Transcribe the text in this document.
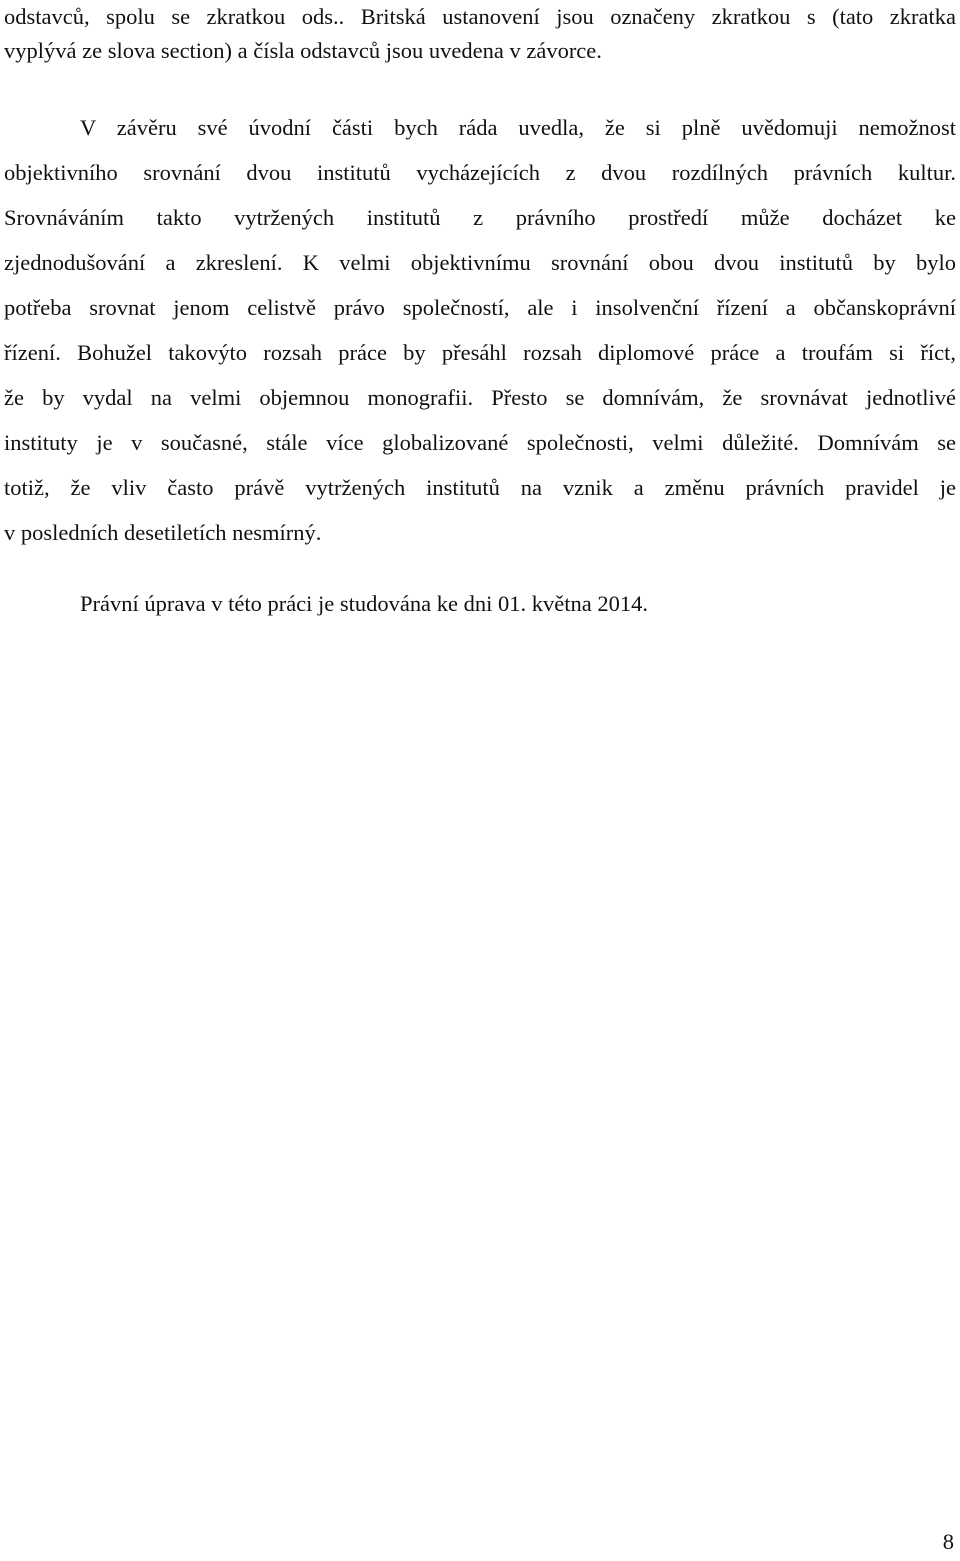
odstavců, spolu se zkratkou ods.. Britská ustanovení jsou označeny zkratkou s (tato zkratka
vyplývá ze slova section) a čísla odstavců jsou uvedena v závorce.
V závěru své úvodní části bych ráda uvedla, že si plně uvědomuji nemožnost
objektivního srovnání dvou institutů vycházejících z dvou rozdílných právních kultur.
Srovnáváním takto vytržených institutů z právního prostředí může docházet ke
zjednodušování a zkreslení. K velmi objektivnímu srovnání obou dvou institutů by bylo
potřeba srovnat jenom celistvě právo společností, ale i insolvenční řízení a občanskoprávní
řízení. Bohužel takovýto rozsah práce by přesáhl rozsah diplomové práce a troufám si říct,
že by vydal na velmi objemnou monografii. Přesto se domnívám, že srovnávat jednotlivé
instituty je v současné, stále více globalizované společnosti, velmi důležité. Domnívám se
totiž, že vliv často právě vytržených institutů na vznik a změnu právních pravidel je
v posledních desetiletích nesmírný.
Právní úprava v této práci je studována ke dni 01. května 2014.
8
